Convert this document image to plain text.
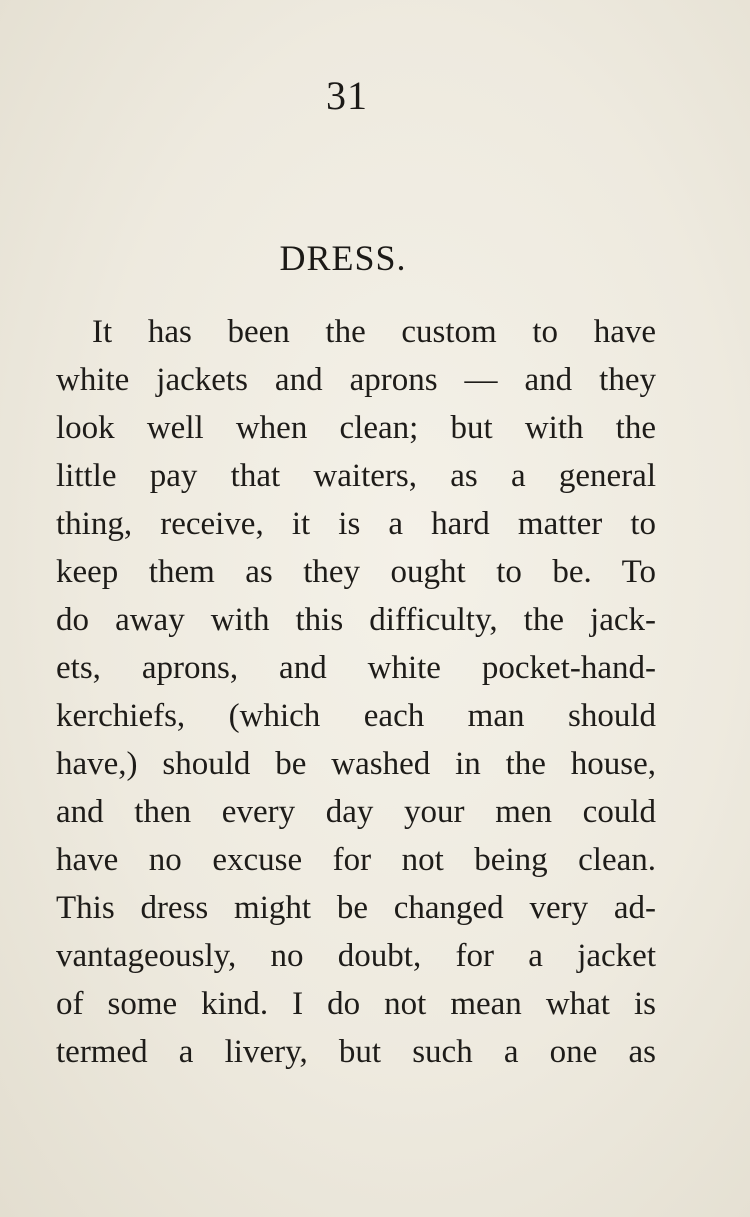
31
DRESS.
It has been the custom to have
white jackets and aprons — and they
look well when clean; but with the
little pay that waiters, as a general
thing, receive, it is a hard matter to
keep them as they ought to be. To
do away with this difficulty, the jack-
ets, aprons, and white pocket-hand-
kerchiefs, (which each man should
have,) should be washed in the house,
and then every day your men could
have no excuse for not being clean.
This dress might be changed very ad-
vantageously, no doubt, for a jacket
of some kind. I do not mean what is
termed a livery, but such a one as
